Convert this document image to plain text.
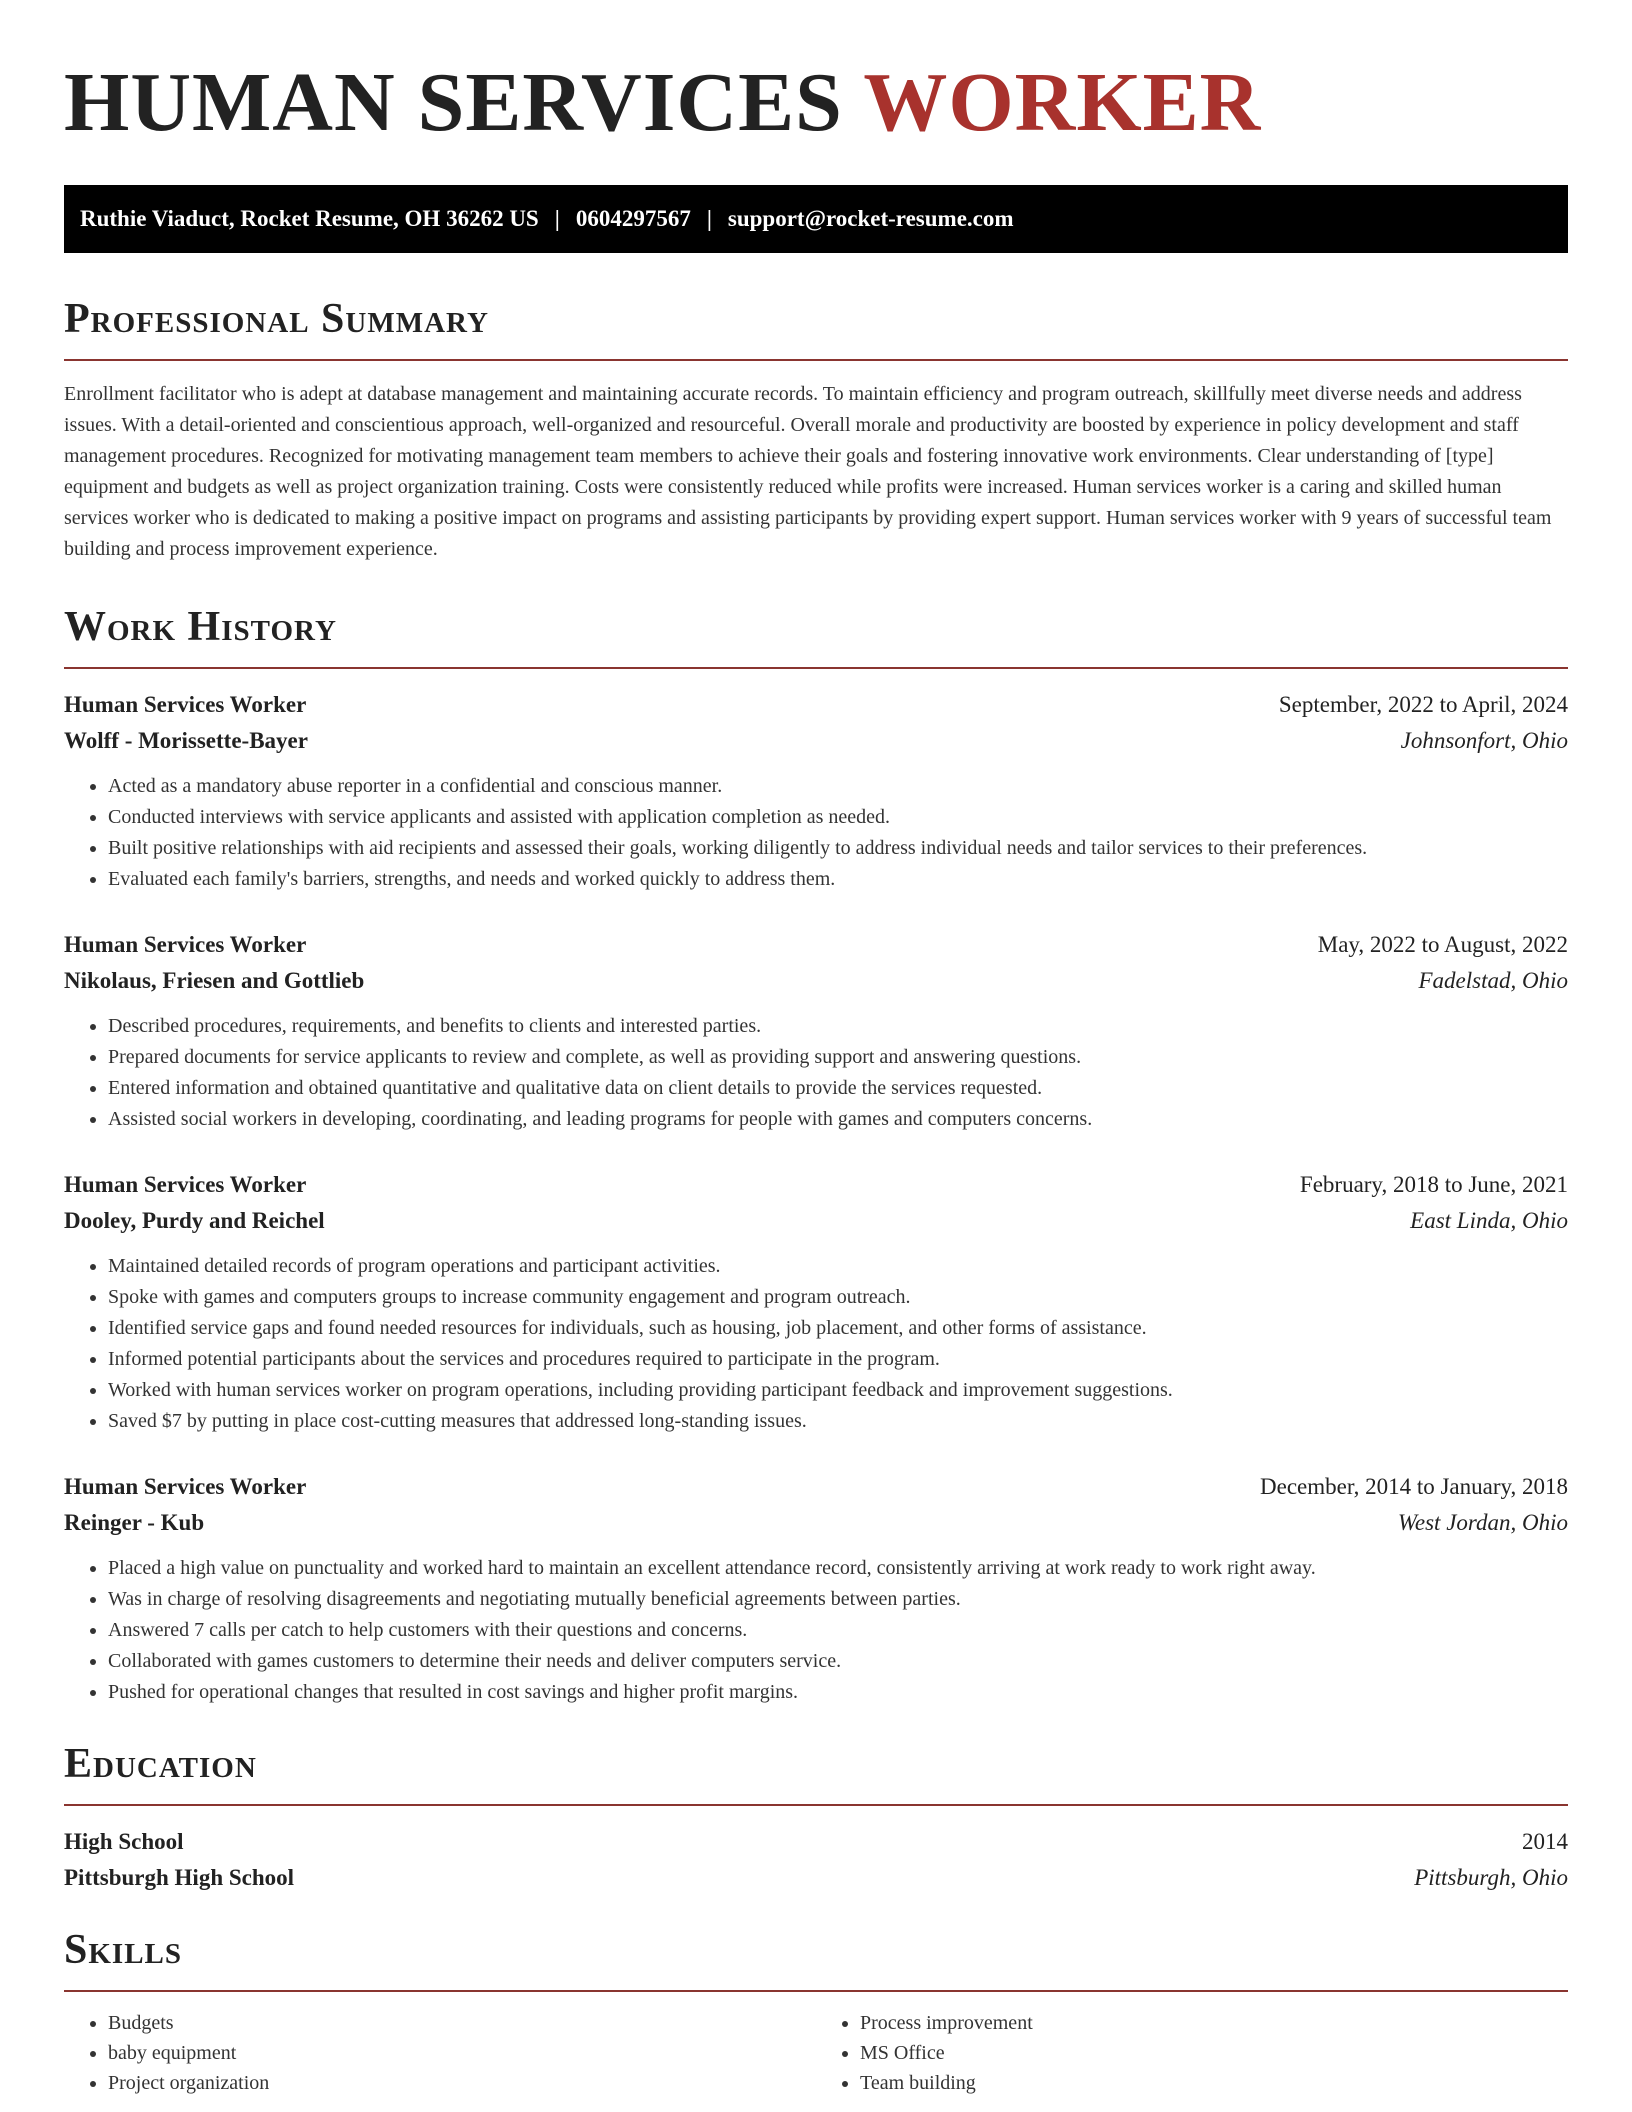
HUMAN SERVICES WORKER
Ruthie Viaduct, Rocket Resume, OH 36262 US | 0604297567 | support@rocket-resume.com
Professional Summary

Enrollment facilitator who is adept at database management and maintaining accurate records. To maintain efficiency and program outreach, skillfully meet diverse needs and address issues. With a detail-oriented and conscientious approach, well-organized and resourceful. Overall morale and productivity are boosted by experience in policy development and staff management procedures. Recognized for motivating management team members to achieve their goals and fostering innovative work environments. Clear understanding of [type] equipment and budgets as well as project organization training. Costs were consistently reduced while profits were increased. Human services worker is a caring and skilled human services worker who is dedicated to making a positive impact on programs and assisting participants by providing expert support. Human services worker with 9 years of successful team building and process improvement experience.

Work History
Human Services Worker	September, 2022 to April, 2024
Wolff - Morissette-Bayer	Johnsonfort, Ohio
• Acted as a mandatory abuse reporter in a confidential and conscious manner.
• Conducted interviews with service applicants and assisted with application completion as needed.
• Built positive relationships with aid recipients and assessed their goals, working diligently to address individual needs and tailor services to their preferences.
• Evaluated each family's barriers, strengths, and needs and worked quickly to address them.
Human Services Worker	May, 2022 to August, 2022
Nikolaus, Friesen and Gottlieb	Fadelstad, Ohio
• Described procedures, requirements, and benefits to clients and interested parties.
• Prepared documents for service applicants to review and complete, as well as providing support and answering questions.
• Entered information and obtained quantitative and qualitative data on client details to provide the services requested.
• Assisted social workers in developing, coordinating, and leading programs for people with games and computers concerns.
Human Services Worker	February, 2018 to June, 2021
Dooley, Purdy and Reichel	East Linda, Ohio
• Maintained detailed records of program operations and participant activities.
• Spoke with games and computers groups to increase community engagement and program outreach.
• Identified service gaps and found needed resources for individuals, such as housing, job placement, and other forms of assistance.
• Informed potential participants about the services and procedures required to participate in the program.
• Worked with human services worker on program operations, including providing participant feedback and improvement suggestions.
• Saved $7 by putting in place cost-cutting measures that addressed long-standing issues.
Human Services Worker	December, 2014 to January, 2018
Reinger - Kub	West Jordan, Ohio
• Placed a high value on punctuality and worked hard to maintain an excellent attendance record, consistently arriving at work ready to work right away.
• Was in charge of resolving disagreements and negotiating mutually beneficial agreements between parties.
• Answered 7 calls per catch to help customers with their questions and concerns.
• Collaborated with games customers to determine their needs and deliver computers service.
• Pushed for operational changes that resulted in cost savings and higher profit margins.
Education
High School	2014
Pittsburgh High School	Pittsburgh, Ohio
Skills
• Budgets
• baby equipment
• Project organization
• Process improvement
• MS Office
• Team building
